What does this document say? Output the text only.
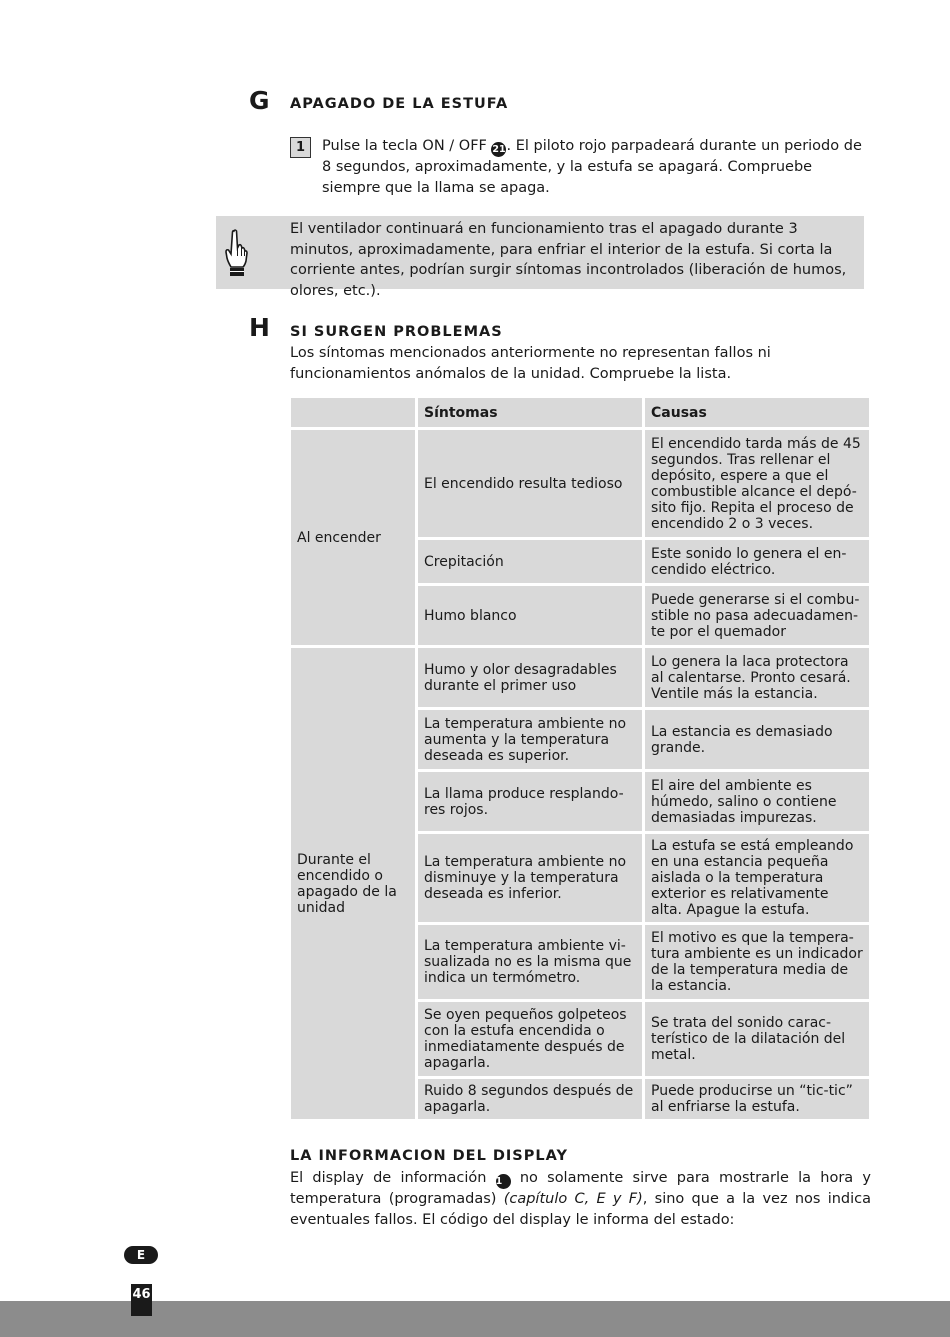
G APAGADO DE LA ESTUFA
1	Pulse la tecla ON / OFF 21. El piloto rojo parpadeará durante un periodo de 8 segundos, aproximadamente, y la estufa se apagará. Compruebe siempre que la llama se apaga.
El ventilador continuará en funcionamiento tras el apagado durante 3 minutos, aproximadamente, para enfriar el interior de la estufa. Si corta la corriente antes, podrían surgir síntomas incontrolados (liberación de humos, olores, etc.).
H SI SURGEN PROBLEMAS
Los síntomas mencionados anteriormente no representan fallos ni funcionamientos anómalos de la unidad. Compruebe la lista.
	Síntomas	Causas
Al encender	El encendido resulta tedioso	El encendido tarda más de 45 segundos. Tras rellenar el depósito, espere a que el combustible alcance el depó-sito fijo. Repita el proceso de encendido 2 o 3 veces.
	Crepitación	Este sonido lo genera el en-cendido eléctrico.
	Humo blanco	Puede generarse si el combu-stible no pasa adecuadamen-te por el quemador
Durante el encendido o apagado de la unidad	Humo y olor desagradables durante el primer uso	Lo genera la laca protectora al calentarse. Pronto cesará. Ventile más la estancia.
	La temperatura ambiente no aumenta y la temperatura deseada es superior.	La estancia es demasiado grande.
	La llama produce resplando-res rojos.	El aire del ambiente es húmedo, salino o contiene demasiadas impurezas.
	La temperatura ambiente no disminuye y la temperatura deseada es inferior.	La estufa se está empleando en una estancia pequeña aislada o la temperatura exterior es relativamente alta. Apague la estufa.
	La temperatura ambiente vi-sualizada no es la misma que indica un termómetro.	El motivo es que la tempera-tura ambiente es un indicador de la temperatura media de la estancia.
	Se oyen pequeños golpeteos con la estufa encendida o inmediatamente después de apagarla.	Se trata del sonido carac-terístico de la dilatación del metal.
	Ruido 8 segundos después de apagarla.	Puede producirse un “tic-tic” al enfriarse la estufa.
LA INFORMACION DEL DISPLAY
El display de información 1 no solamente sirve para mostrarle la hora y temperatura (programadas) (capítulo C, E y F), sino que a la vez nos indica eventuales fallos. El código del display le informa del estado:
E
46
